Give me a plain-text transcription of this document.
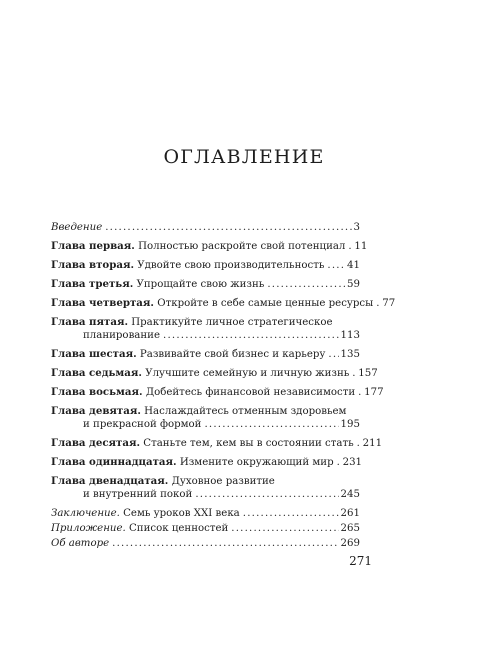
ОГЛАВЛЕНИЕ
Введение .....	3
Глава первая. Полностью раскройте свой потенциал ..... 11
Глава вторая. Удвойте свою производительность ..... 41
Глава третья. Упрощайте свою жизнь .....	59
Глава четвертая. Откройте в себе самые ценные ресурсы ..... 77
Глава пятая. Практикуйте личное стратегическое
планирование .....	113
Глава шестая. Развивайте свой бизнес и карьеру ..... 135
Глава седьмая. Улучшите семейную и личную жизнь ..... 157
Глава восьмая. Добейтесь финансовой независимости ..... 177
Глава девятая. Наслаждайтесь отменным здоровьем
и прекрасной формой .....	195
Глава десятая. Станьте тем, кем вы в состоянии стать ..... 211
Глава одиннадцатая. Измените окружающий мир ..... 231
Глава двенадцатая. Духовное развитие
и внутренний покой .....	245
Заключение. Семь уроков XXI века .....	261
Приложение. Список ценностей .....	265
Об авторе .....	269
271
